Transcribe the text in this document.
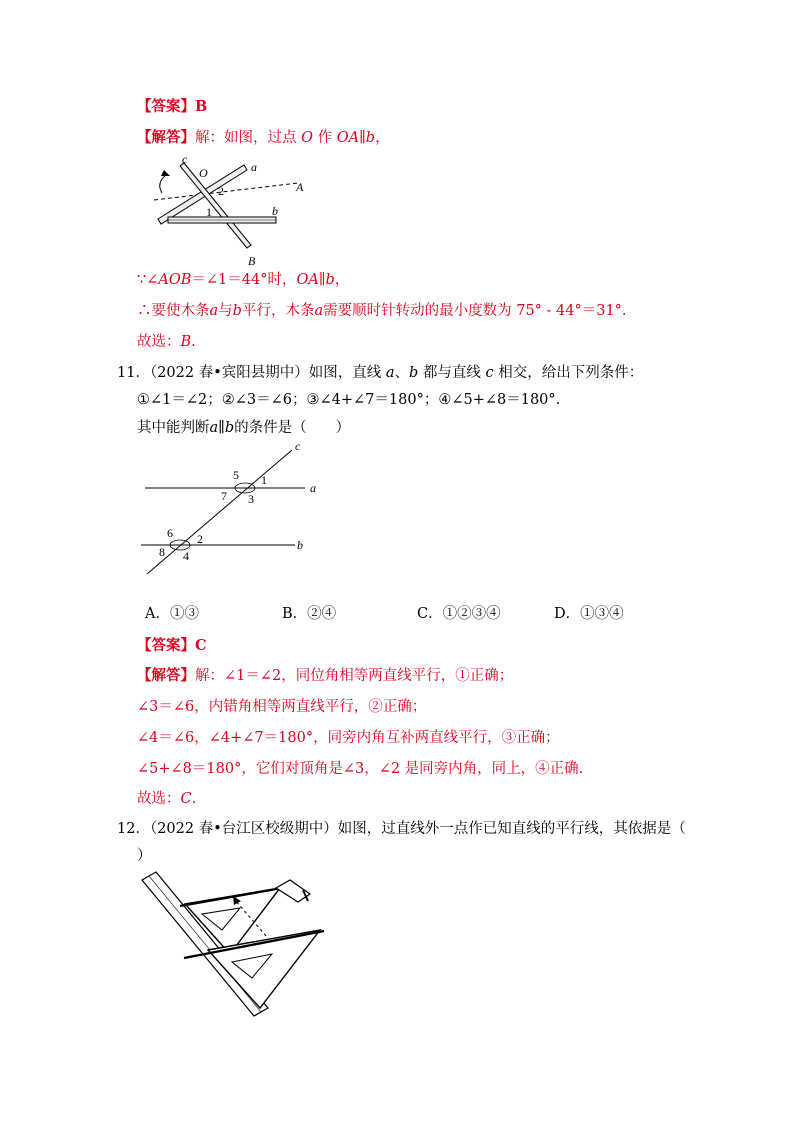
【答案】B
【解答】解：如图，过点 O 作 OA∥b，
c
O	a
A
2
1	b
B
∵∠AOB＝∠1＝44°时，OA∥b，
∴要使木条a与b平行，木条a需要顺时针转动的最小度数为 75° - 44°＝31°.
故选：B.
11．（2022 春•宾阳县期中）如图，直线 a、b 都与直线 c 相交，给出下列条件：
①∠1＝∠2；②∠3＝∠6；③∠4+∠7＝180°；④∠5+∠8＝180°.
其中能判断a∥b的条件是（　　）
c
a
b
1
5
7 3
2
6
8 4
A．①③	B．②④	C．①②③④	D．①③④
【答案】C
【解答】解：∠1＝∠2，同位角相等两直线平行，①正确；
∠3＝∠6，内错角相等两直线平行，②正确；
∠4＝∠6，∠4+∠7＝180°，同旁内角互补两直线平行，③正确；
∠5+∠8＝180°，它们对顶角是∠3，∠2 是同旁内角，同上，④正确.
故选：C.
12．（2022 春•台江区校级期中）如图，过直线外一点作已知直线的平行线，其依据是（
）
